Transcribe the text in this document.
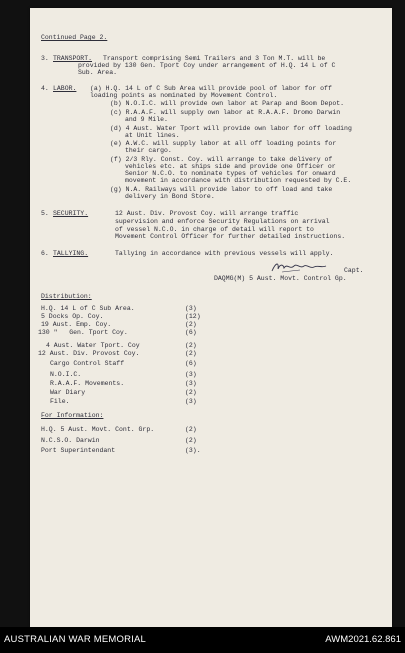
Continued Page 2.
3. TRANSPORT. Transport comprising Semi Trailers and 3 Ton M.T. will be
provided by 130 Gen. Tport Coy under arrangement of H.Q. 14 L of C
Sub. Area.
4. LABOR. (a) H.Q. 14 L of C Sub Area will provide pool of labor for off
loading points as nominated by Movement Control.
(b) N.O.I.C. will provide own labor at Parap and Boom Depot.
(c) R.A.A.F. will supply own labor at R.A.A.F. Dromo Darwin
and 9 Mile.
(d) 4 Aust. Water Tport will provide own labor for off loading
at Unit lines.
(e) A.W.C. will supply labor at all off loading points for
their cargo.
(f) 2/3 Rly. Const. Coy. will arrange to take delivery of
vehicles etc. at ships side and provide one Officer or
Senior N.C.O. to nominate types of vehicles for onward
movement in accordance with distribution requested by C.E.
(g) N.A. Railways will provide labor to off load and take
delivery in Bond Store.
5. SECURITY.	12 Aust. Div. Provost Coy. will arrange traffic
supervision and enforce Security Regulations on arrival
of vessel N.C.O. in charge of detail will report to
Movement Control Officer for further detailed instructions.
6. TALLYING.	Tallying in accordance with previous vessels will apply.
Capt.
DAQMG(M) 5 Aust. Movt. Control Gp.
Distribution:
H.Q. 14 L of C Sub Area.	(3)
5 Docks Op. Coy.	(12)
19 Aust. Emp. Coy.	(2)
130 "   Gen. Tport Coy.	(6)
4 Aust. Water Tport. Coy	(2)
12 Aust. Div. Provost Coy.	(2)
Cargo Control Staff	(6)
N.O.I.C.	(3)
R.A.A.F. Movements.	(3)
War Diary	(2)
File.	(3)
For Information:
H.Q. 5 Aust. Movt. Cont. Grp.	(2)
N.C.S.O. Darwin	(2)
Port Superintendant	(3).
AUSTRALIAN WAR MEMORIAL	AWM2021.62.861
